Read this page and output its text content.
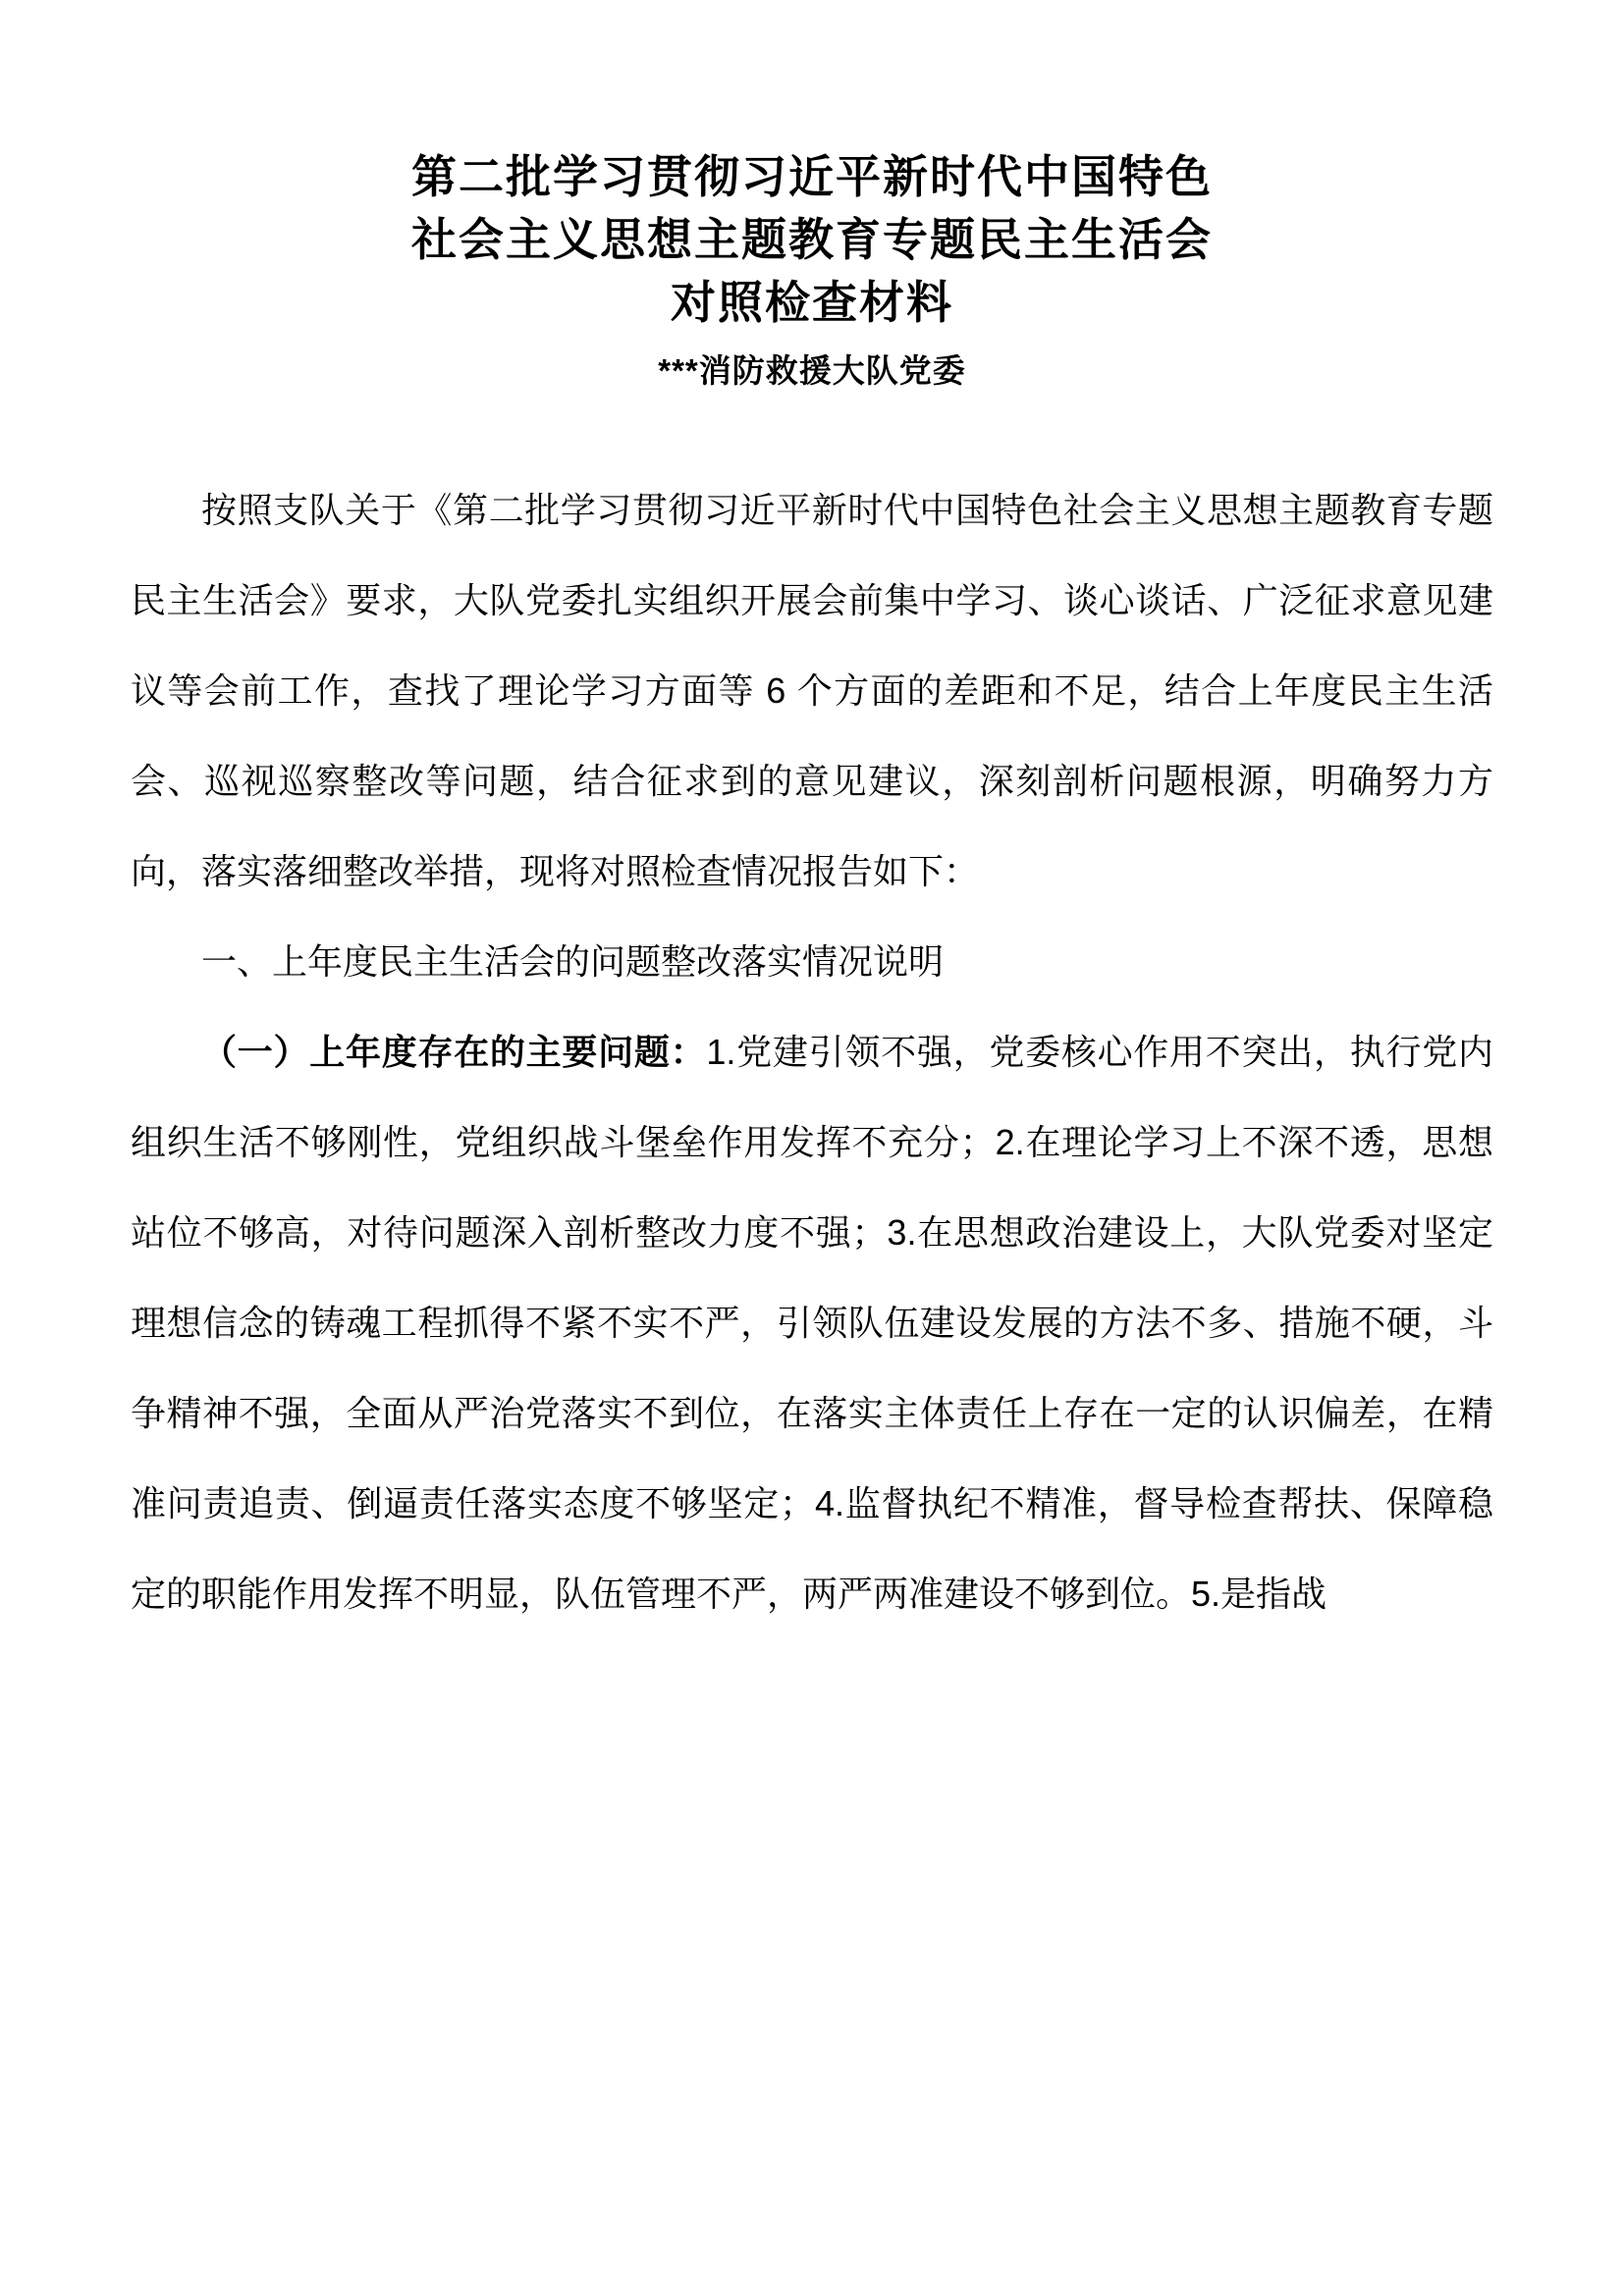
第二批学习贯彻习近平新时代中国特色
社会主义思想主题教育专题民主生活会
对照检查材料
***消防救援大队党委

按照支队关于《第二批学习贯彻习近平新时代中国特色社会主义思想主题教育专题民主生活会》要求，大队党委扎实组织开展会前集中学习、谈心谈话、广泛征求意见建议等会前工作，查找了理论学习方面等 6 个方面的差距和不足，结合上年度民主生活会、巡视巡察整改等问题，结合征求到的意见建议，深刻剖析问题根源，明确努力方向，落实落细整改举措，现将对照检查情况报告如下：

一、上年度民主生活会的问题整改落实情况说明

（一）上年度存在的主要问题：1.党建引领不强，党委核心作用不突出，执行党内组织生活不够刚性，党组织战斗堡垒作用发挥不充分；2.在理论学习上不深不透，思想站位不够高，对待问题深入剖析整改力度不强；3.在思想政治建设上，大队党委对坚定理想信念的铸魂工程抓得不紧不实不严，引领队伍建设发展的方法不多、措施不硬，斗争精神不强，全面从严治党落实不到位，在落实主体责任上存在一定的认识偏差，在精准问责追责、倒逼责任落实态度不够坚定；4.监督执纪不精准，督导检查帮扶、保障稳定的职能作用发挥不明显，队伍管理不严，两严两准建设不够到位。5.是指战
